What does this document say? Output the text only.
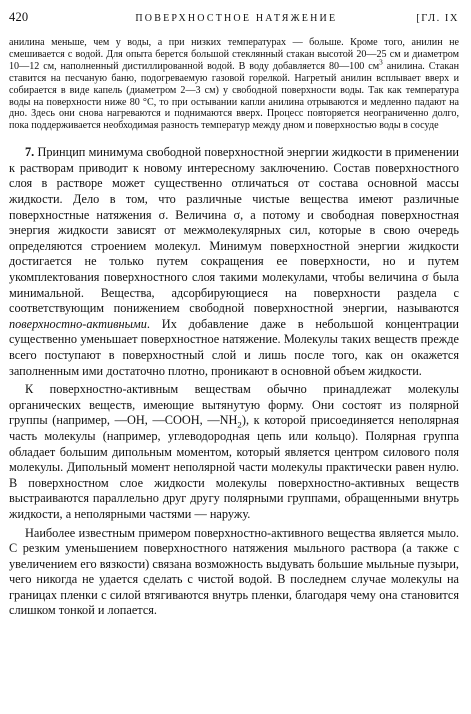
420	ПОВЕРХНОСТНОЕ НАТЯЖЕНИЕ	[ГЛ. IX

анилина меньше, чем у воды, а при низких температурах — больше. Кроме того, анилин не смешивается с водой. Для опыта берется большой стеклянный стакан высотой 20—25 см и диаметром 10—12 см, наполненный дистиллированной водой. В воду добавляется 80—100 $см^3$ анилина. Стакан ставится на песчаную баню, подогреваемую газовой горелкой. Нагретый анилин всплывает вверх и собирается в виде капель (диаметром 2—3 см) у свободной поверхности воды. Так как температура воды на поверхности ниже 80 °С, то при остывании капли анилина отрываются и медленно падают на дно. Здесь они снова нагреваются и поднимаются вверх. Процесс повторяется неограниченно долго, пока поддерживается необходимая разность температур между дном и поверхностью воды в сосуде

7. Принцип минимума свободной поверхностной энергии жидкости в применении к растворам приводит к новому интересному заключению. Состав поверхностного слоя в растворе может существенно отличаться от состава основной массы жидкости. Дело в том, что различные чистые вещества имеют различные поверхностные натяжения σ. Величина σ, а потому и свободная поверхностная энергия жидкости зависят от межмолекулярных сил, которые в свою очередь определяются строением молекул. Минимум поверхностной энергии жидкости достигается не только путем сокращения ее поверхности, но и путем укомплектования поверхностного слоя такими молекулами, чтобы величина σ была минимальной. Вещества, адсорбирующиеся на поверхности раздела с соответствующим понижением свободной поверхностной энергии, называются поверхностно-активными. Их добавление даже в небольшой концентрации существенно уменьшает поверхностное натяжение. Молекулы таких веществ прежде всего поступают в поверхностный слой и лишь после того, как он окажется заполненным ими достаточно плотно, проникают в основной объем жидкости.

К поверхностно-активным веществам обычно принадлежат молекулы органических веществ, имеющие вытянутую форму. Они состоят из полярной группы (например, —OH, —COOH, $—NH_2$), к которой присоединяется неполярная часть молекулы (например, углеводородная цепь или кольцо). Полярная группа обладает большим дипольным моментом, который является центром силового поля молекулы. Дипольный момент неполярной части молекулы практически равен нулю. В поверхностном слое жидкости молекулы поверхностно-активных веществ выстраиваются параллельно друг другу полярными группами, обращенными внутрь жидкости, а неполярными частями — наружу.

Наиболее известным примером поверхностно-активного вещества является мыло. С резким уменьшением поверхностного натяжения мыльного раствора (а также с увеличением его вязкости) связана возможность выдувать большие мыльные пузыри, чего никогда не удается сделать с чистой водой. В последнем случае молекулы на границах пленки с силой втягиваются внутрь пленки, благодаря чему она становится слишком тонкой и лопается.
